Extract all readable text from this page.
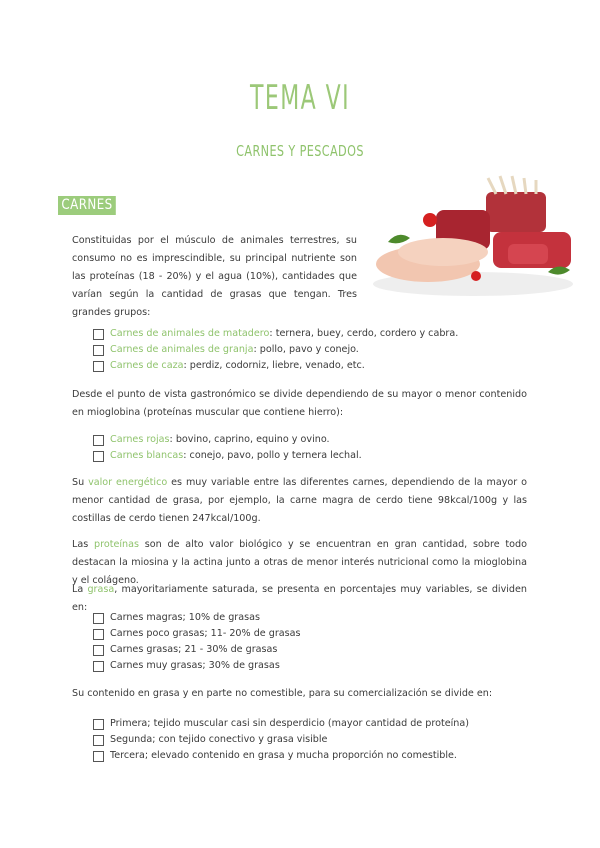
TEMA VI
CARNES Y PESCADOS
CARNES
Constituidas por el músculo de animales terrestres, su consumo no es imprescindible, su principal nutriente son las proteínas (18 - 20%) y el agua (10%), cantidades que varían según la cantidad de grasas que tengan. Tres grandes grupos:
Carnes de animales de matadero : ternera, buey, cerdo, cordero y cabra.
Carnes de animales de granja : pollo, pavo y conejo.
Carnes de caza : perdiz, codorniz, liebre, venado, etc.
Desde el punto de vista gastronómico se divide dependiendo de su mayor o menor contenido en mioglobina (proteínas muscular que contiene hierro):
Carnes rojas : bovino, caprino, equino y ovino.
Carnes blancas : conejo, pavo, pollo y ternera lechal.
Su valor energético es muy variable entre las diferentes carnes, dependiendo de la mayor o menor cantidad de grasa, por ejemplo, la carne magra de cerdo tiene 98kcal/100g y las costillas de cerdo tienen 247kcal/100g.
Las proteínas son de alto valor biológico y se encuentran en gran cantidad, sobre todo destacan la miosina y la actina junto a otras de menor interés nutricional como la mioglobina y el colágeno.
La grasa, mayoritariamente saturada, se presenta en porcentajes muy variables, se dividen en:
Carnes magras; 10% de grasas
Carnes poco grasas; 11- 20% de grasas
Carnes grasas; 21 - 30% de grasas
Carnes muy grasas; 30% de grasas
Su contenido en grasa y en parte no comestible, para su comercialización se divide en:
Primera; tejido muscular casi sin desperdicio (mayor cantidad de proteína)
Segunda; con tejido conectivo y grasa visible
Tercera; elevado contenido en grasa y mucha proporción no comestible.
